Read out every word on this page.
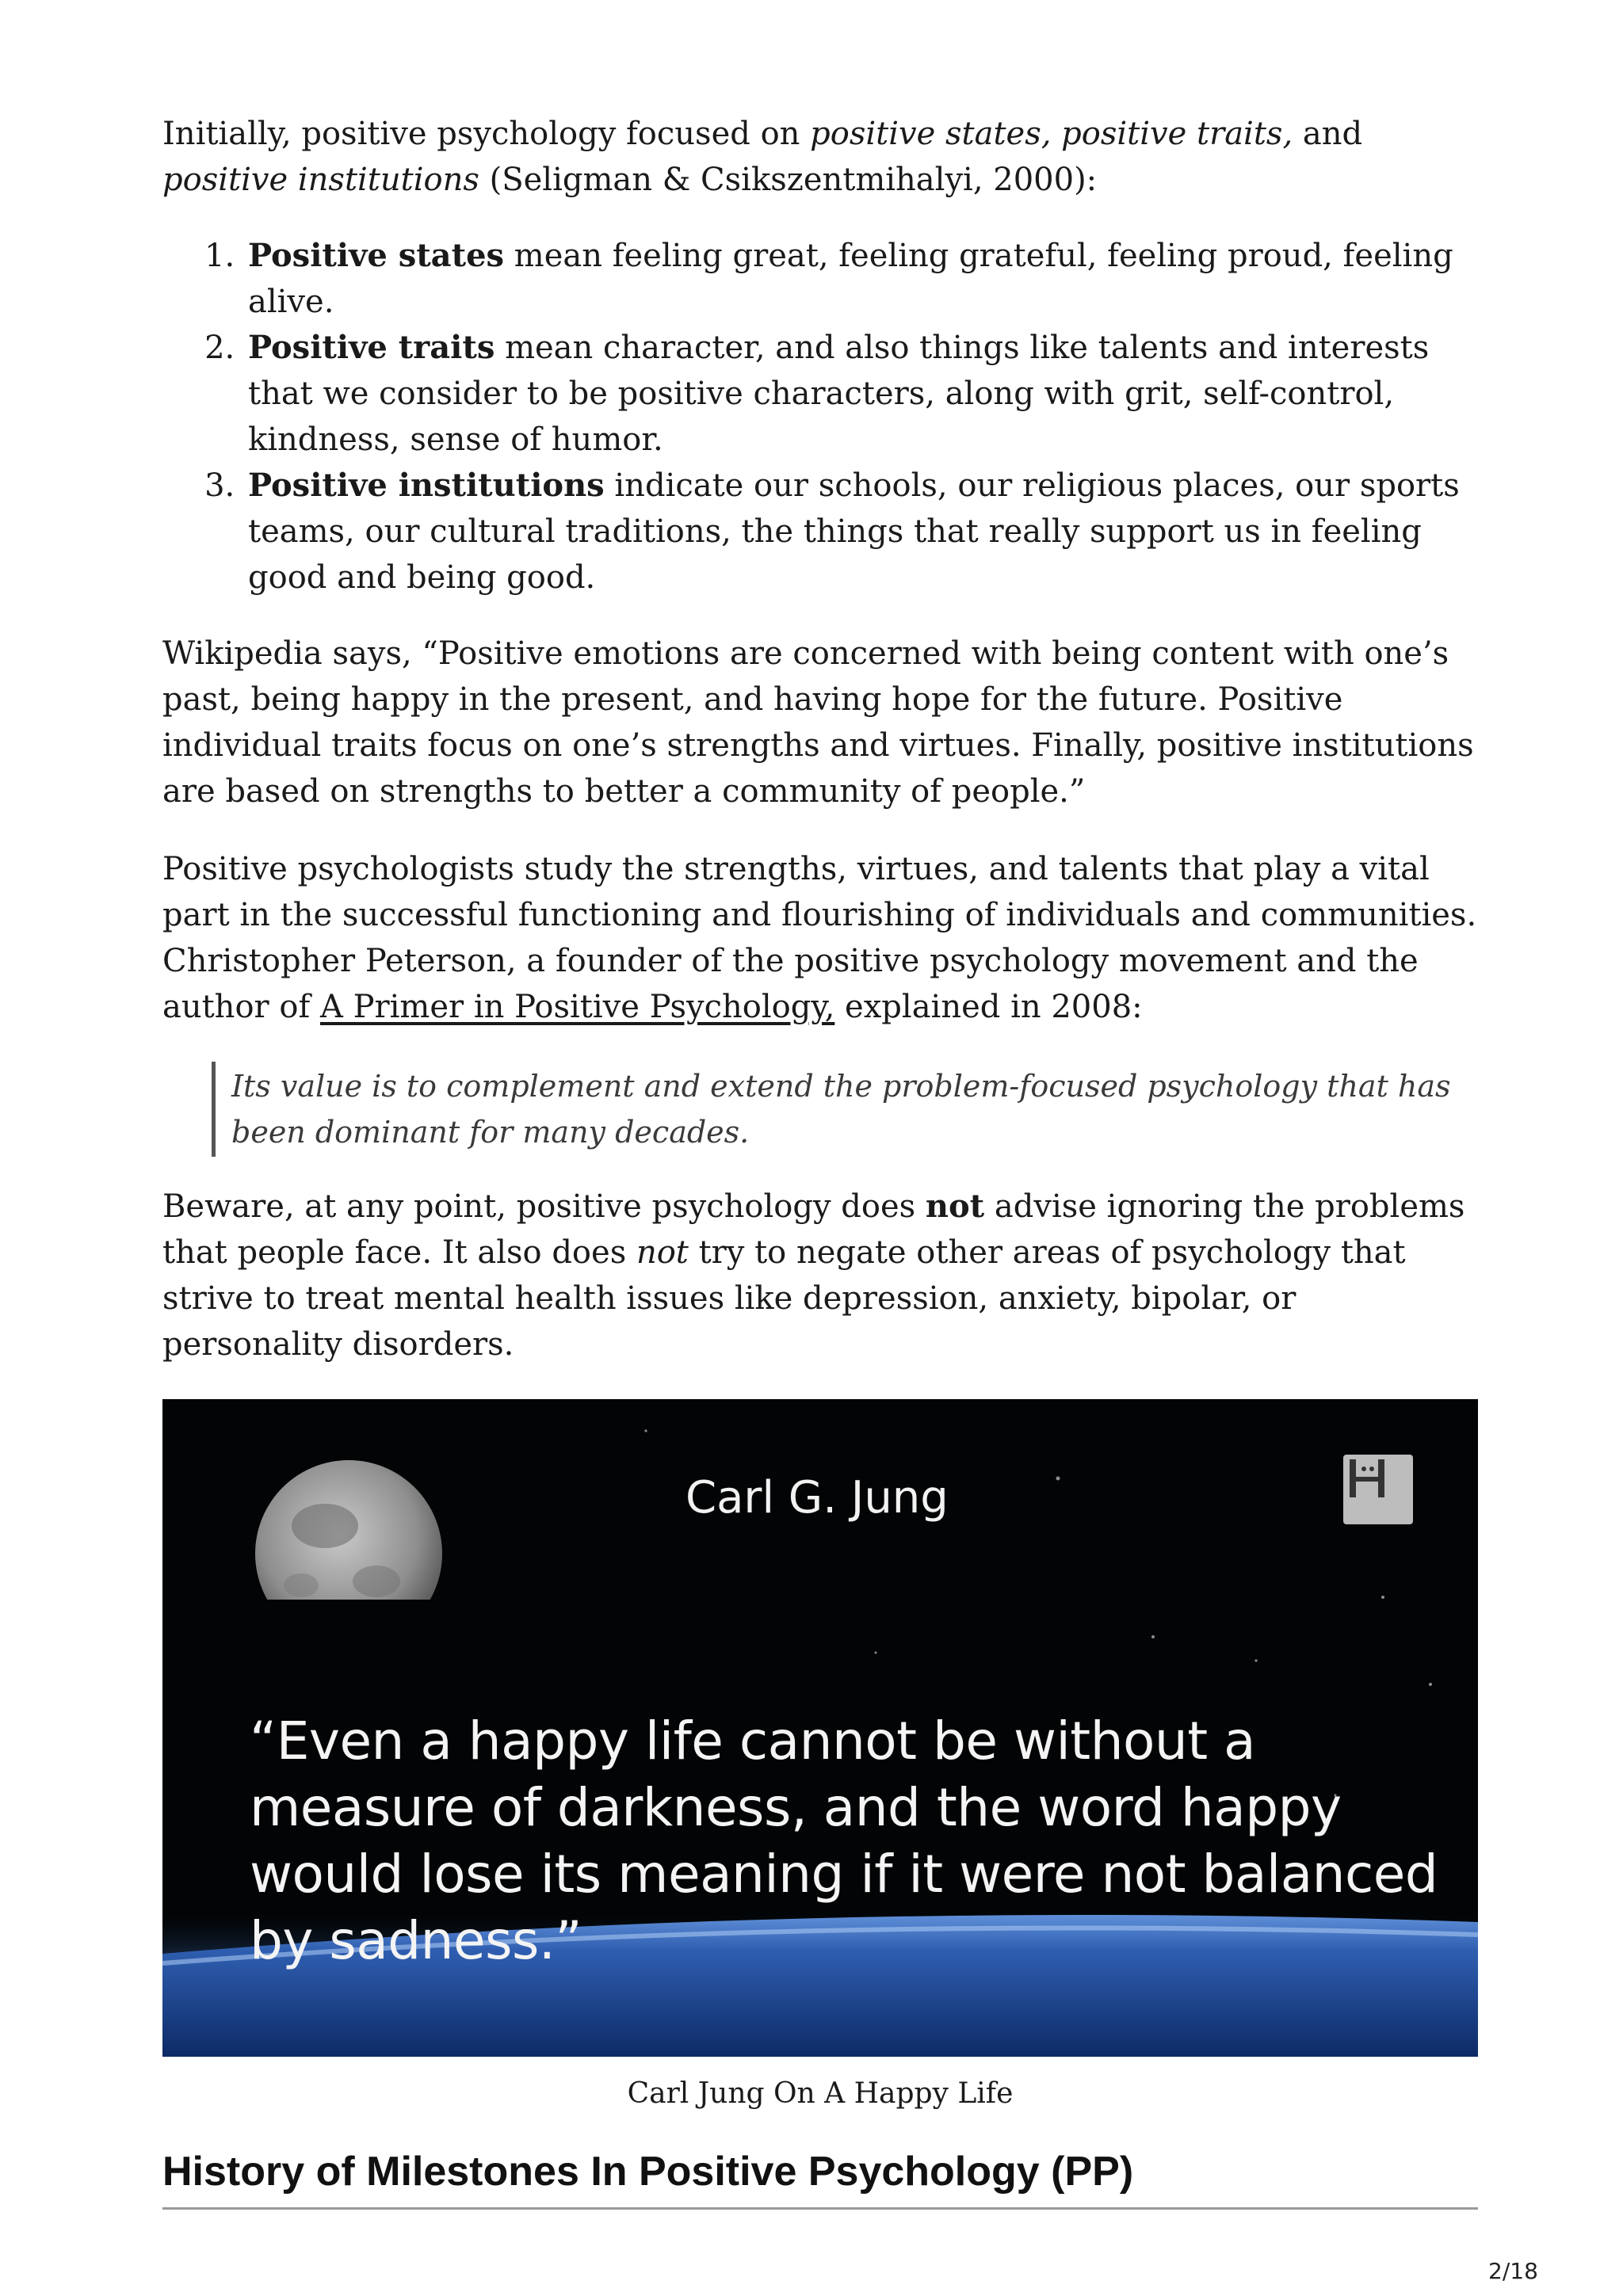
Initially, positive psychology focused on positive states, positive traits, and positive institutions (Seligman & Csikszentmihalyi, 2000):

1. Positive states mean feeling great, feeling grateful, feeling proud, feeling alive.
2. Positive traits mean character, and also things like talents and interests that we consider to be positive characters, along with grit, self-control, kindness, sense of humor.
3. Positive institutions indicate our schools, our religious places, our sports teams, our cultural traditions, the things that really support us in feeling good and being good.

Wikipedia says, “Positive emotions are concerned with being content with one’s past, being happy in the present, and having hope for the future. Positive individual traits focus on one’s strengths and virtues. Finally, positive institutions are based on strengths to better a community of people.”

Positive psychologists study the strengths, virtues, and talents that play a vital part in the successful functioning and flourishing of individuals and communities. Christopher Peterson, a founder of the positive psychology movement and the author of A Primer in Positive Psychology, explained in 2008:

Its value is to complement and extend the problem-focused psychology that has been dominant for many decades.

Beware, at any point, positive psychology does not advise ignoring the problems that people face. It also does not try to negate other areas of psychology that strive to treat mental health issues like depression, anxiety, bipolar, or personality disorders.

Carl G. Jung
“Even a happy life cannot be without a measure of darkness, and the word happy would lose its meaning if it were not balanced by sadness.”
Carl Jung On A Happy Life
History of Milestones In Positive Psychology (PP)
2/18
